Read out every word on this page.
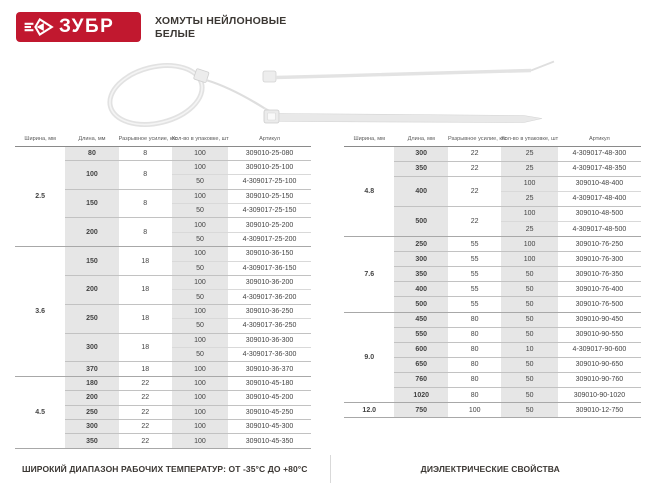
ЗУБР	ХОМУТЫ НЕЙЛОНОВЫЕ
БЕЛЫЕ
Ширина, мм	Длина, мм	Разрывное усилие, кгс	Кол-во в упаковке, шт	Артикул
2.5	80	8	100	309010-25-080
	100	8	100	309010-25-100
			50	4-309017-25-100
	150	8	100	309010-25-150
			50	4-309017-25-150
	200	8	100	309010-25-200
			50	4-309017-25-200
3.6	150	18	100	309010-36-150
			50	4-309017-36-150
	200	18	100	309010-36-200
			50	4-309017-36-200
	250	18	100	309010-36-250
			50	4-309017-36-250
	300	18	100	309010-36-300
			50	4-309017-36-300
	370	18	100	309010-36-370
4.5	180	22	100	309010-45-180
	200	22	100	309010-45-200
	250	22	100	309010-45-250
	300	22	100	309010-45-300
	350	22	100	309010-45-350
Ширина, мм	Длина, мм	Разрывное усилие, кгс	Кол-во в упаковке, шт	Артикул
4.8	300	22	25	4-309017-48-300
	350	22	25	4-309017-48-350
	400	22	100	309010-48-400
			25	4-309017-48-400
	500	22	100	309010-48-500
			25	4-309017-48-500
7.6	250	55	100	309010-76-250
	300	55	100	309010-76-300
	350	55	50	309010-76-350
	400	55	50	309010-76-400
	500	55	50	309010-76-500
9.0	450	80	50	309010-90-450
	550	80	50	309010-90-550
	600	80	10	4-309017-90-600
	650	80	50	309010-90-650
	760	80	50	309010-90-760
	1020	80	50	309010-90-1020
12.0	750	100	50	309010-12-750
ШИРОКИЙ ДИАПАЗОН РАБОЧИХ ТЕМПЕРАТУР: ОТ -35°С ДО +80°С	ДИЭЛЕКТРИЧЕСКИЕ СВОЙСТВА
